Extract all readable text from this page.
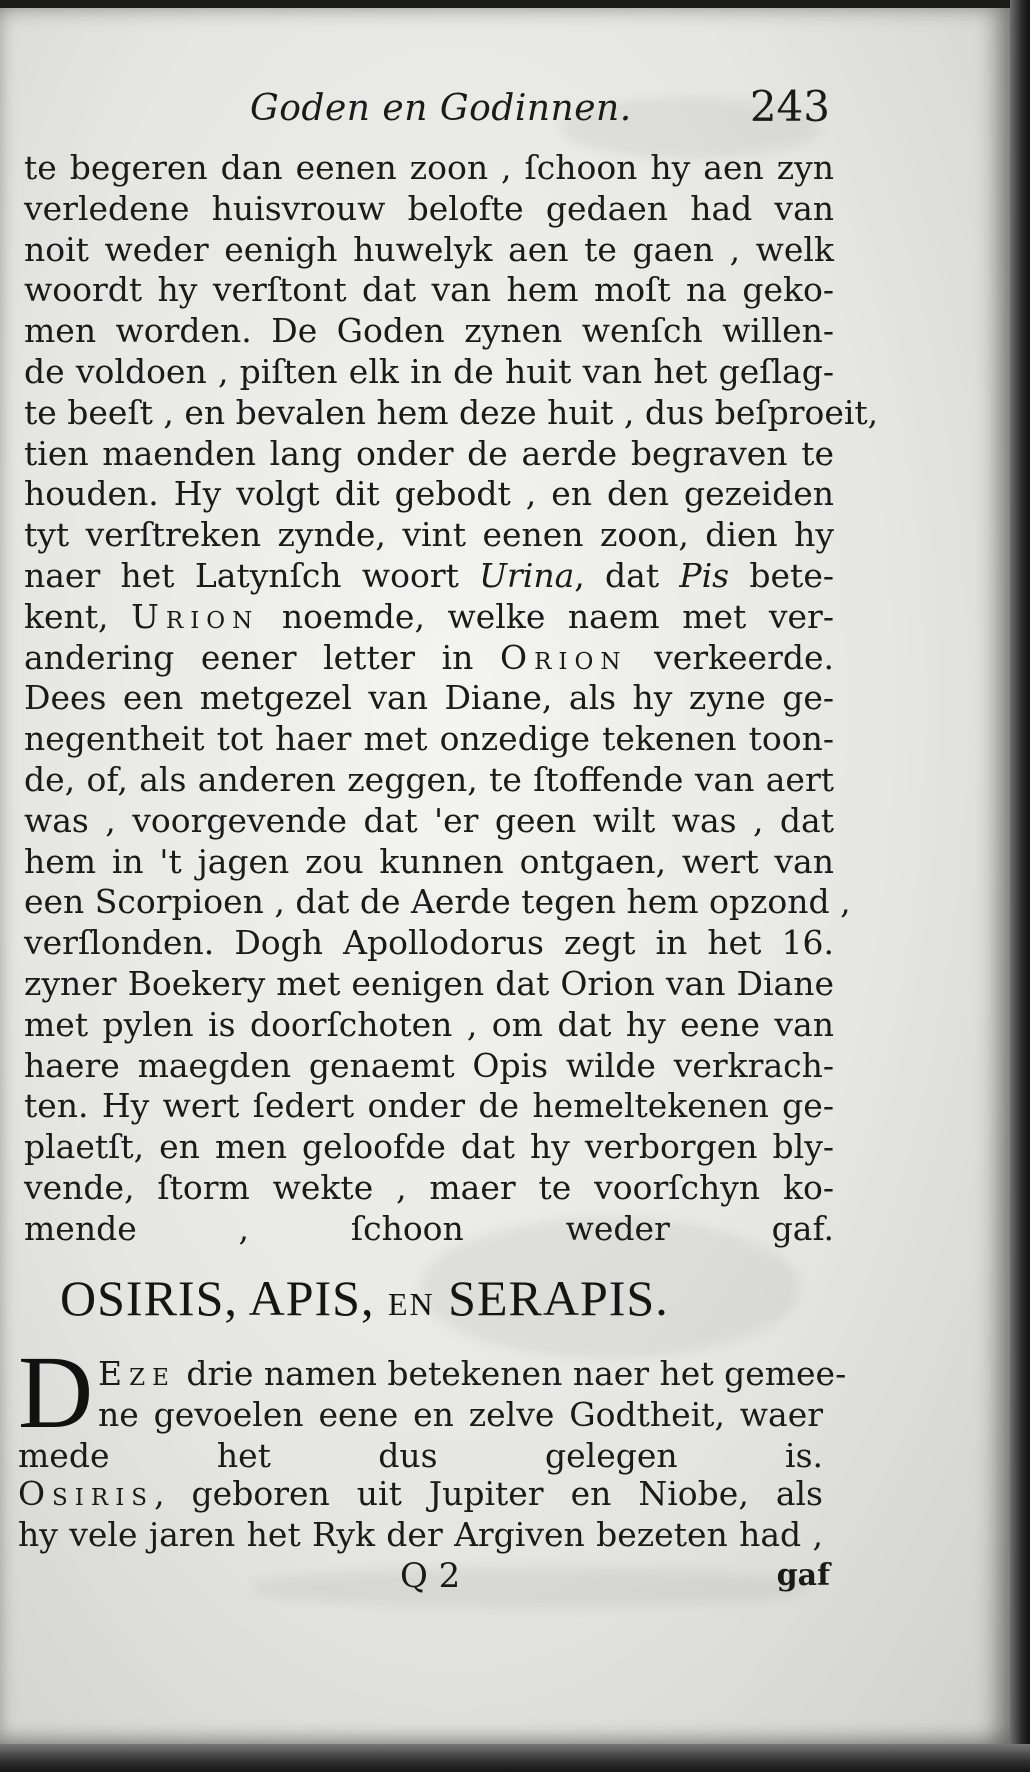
Goden en Godinnen.	243
te begeren dan eenen zoon , ſchoon hy aen zyn
verledene huisvrouw belofte gedaen had van
noit weder eenigh huwelyk aen te gaen , welk
woordt hy verſtont dat van hem moſt na geko-
men worden. De Goden zynen wenſch willen-
de voldoen , piſten elk in de huit van het geſlag-
te beeſt , en bevalen hem deze huit , dus beſproeit,
tien maenden lang onder de aerde begraven te
houden. Hy volgt dit gebodt , en den gezeiden
tyt verſtreken zynde, vint eenen zoon, dien hy
naer het Latynſch woort Urina, dat Pis bete-
kent, Urion noemde, welke naem met ver-
andering eener letter in Orion verkeerde.
Dees een metgezel van Diane, als hy zyne ge-
negentheit tot haer met onzedige tekenen toon-
de, of, als anderen zeggen, te ſtoffende van aert
was , voorgevende dat 'er geen wilt was , dat
hem in 't jagen zou kunnen ontgaen, wert van
een Scorpioen , dat de Aerde tegen hem opzond ,
verſlonden. Dogh Apollodorus zegt in het 16.
zyner Boekery met eenigen dat Orion van Diane
met pylen is doorſchoten , om dat hy eene van
haere maegden genaemt Opis wilde verkrach-
ten. Hy wert ſedert onder de hemeltekenen ge-
plaetſt, en men geloofde dat hy verborgen bly-
vende, ſtorm wekte , maer te voorſchyn ko-
mende , ſchoon weder gaf.
OSIRIS, APIS, EN SERAPIS.
D Eze drie namen betekenen naer het gemee-
ne gevoelen eene en zelve Godtheit, waer
mede het dus gelegen is.
Osiris, geboren uit Jupiter en Niobe, als
hy vele jaren het Ryk der Argiven bezeten had ,
Q 2	gaf
